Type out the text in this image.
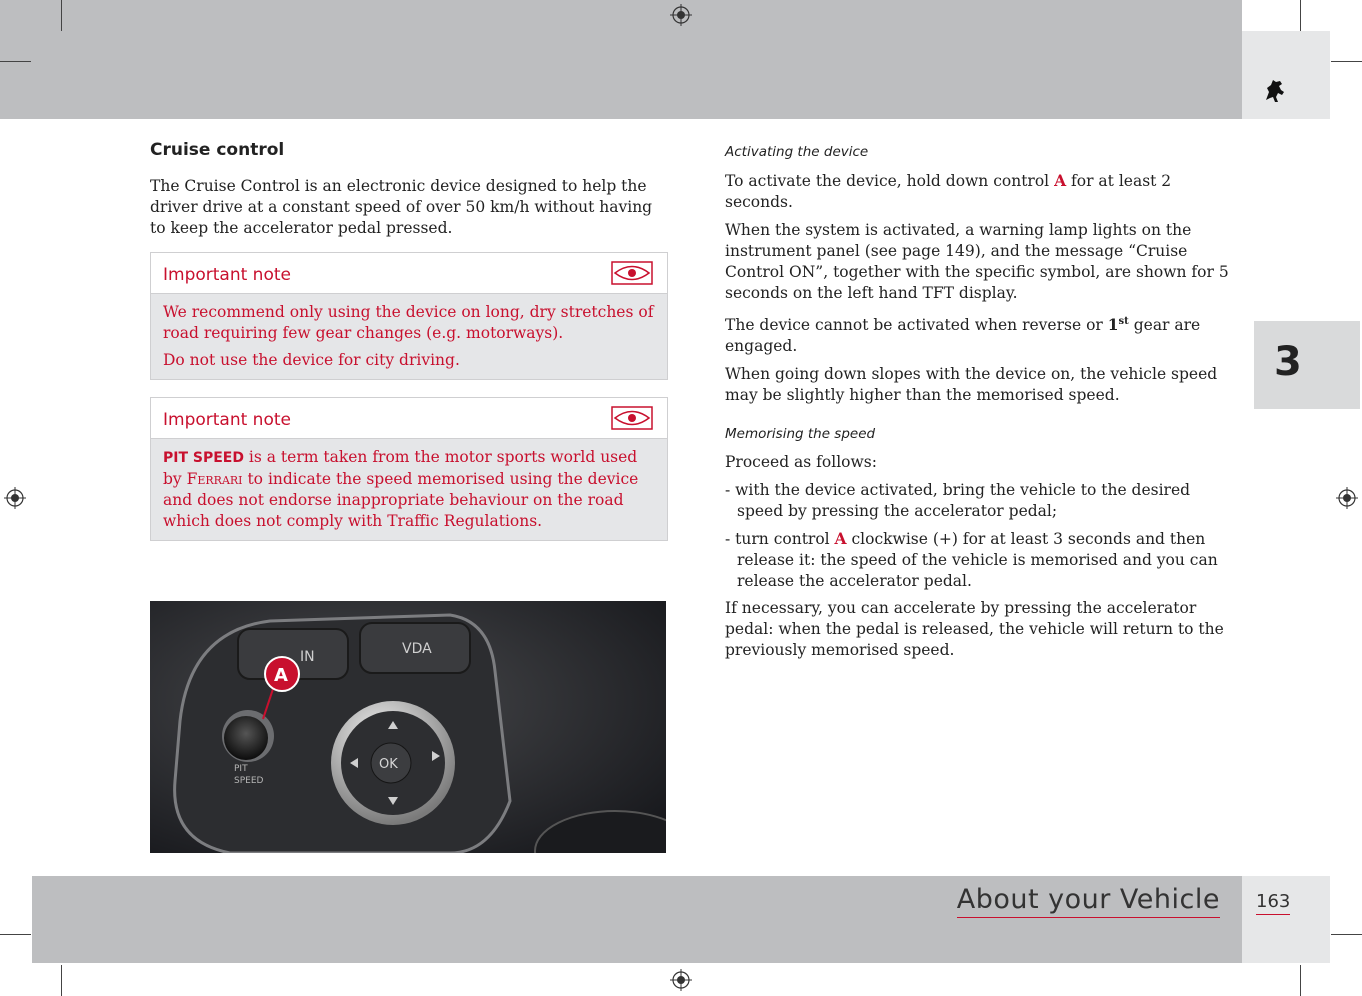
3
About your Vehicle 163
Cruise control

The Cruise Control is an electronic device designed to help the driver drive at a constant speed of over 50 km/h without having to keep the accelerator pedal pressed.

Important note

We recommend only using the device on long, dry stretches of road requiring few gear changes (e.g. motorways).

Do not use the device for city driving.

Important note

PIT SPEED is a term taken from the motor sports world used by Ferrari to indicate the speed memorised using the device and does not endorse inappropriate behaviour on the road which does not comply with Traffic Regulations.

IN	VDA
PIT
SPEED
OK
A

Activating the device

To activate the device, hold down control A for at least 2 seconds.

When the system is activated, a warning lamp lights on the instrument panel (see page 149), and the message “Cruise Control ON”, together with the specific symbol, are shown for 5 seconds on the left hand TFT display.

The device cannot be activated when reverse or 1st gear are engaged.

When going down slopes with the device on, the vehicle speed may be slightly higher than the memorised speed.

Memorising the speed

Proceed as follows:

- with the device activated, bring the vehicle to the desired speed by pressing the accelerator pedal;

- turn control A clockwise (+) for at least 3 seconds and then release it: the speed of the vehicle is memorised and you can release the accelerator pedal.

If necessary, you can accelerate by pressing the accelerator pedal: when the pedal is released, the vehicle will return to the previously memorised speed.
